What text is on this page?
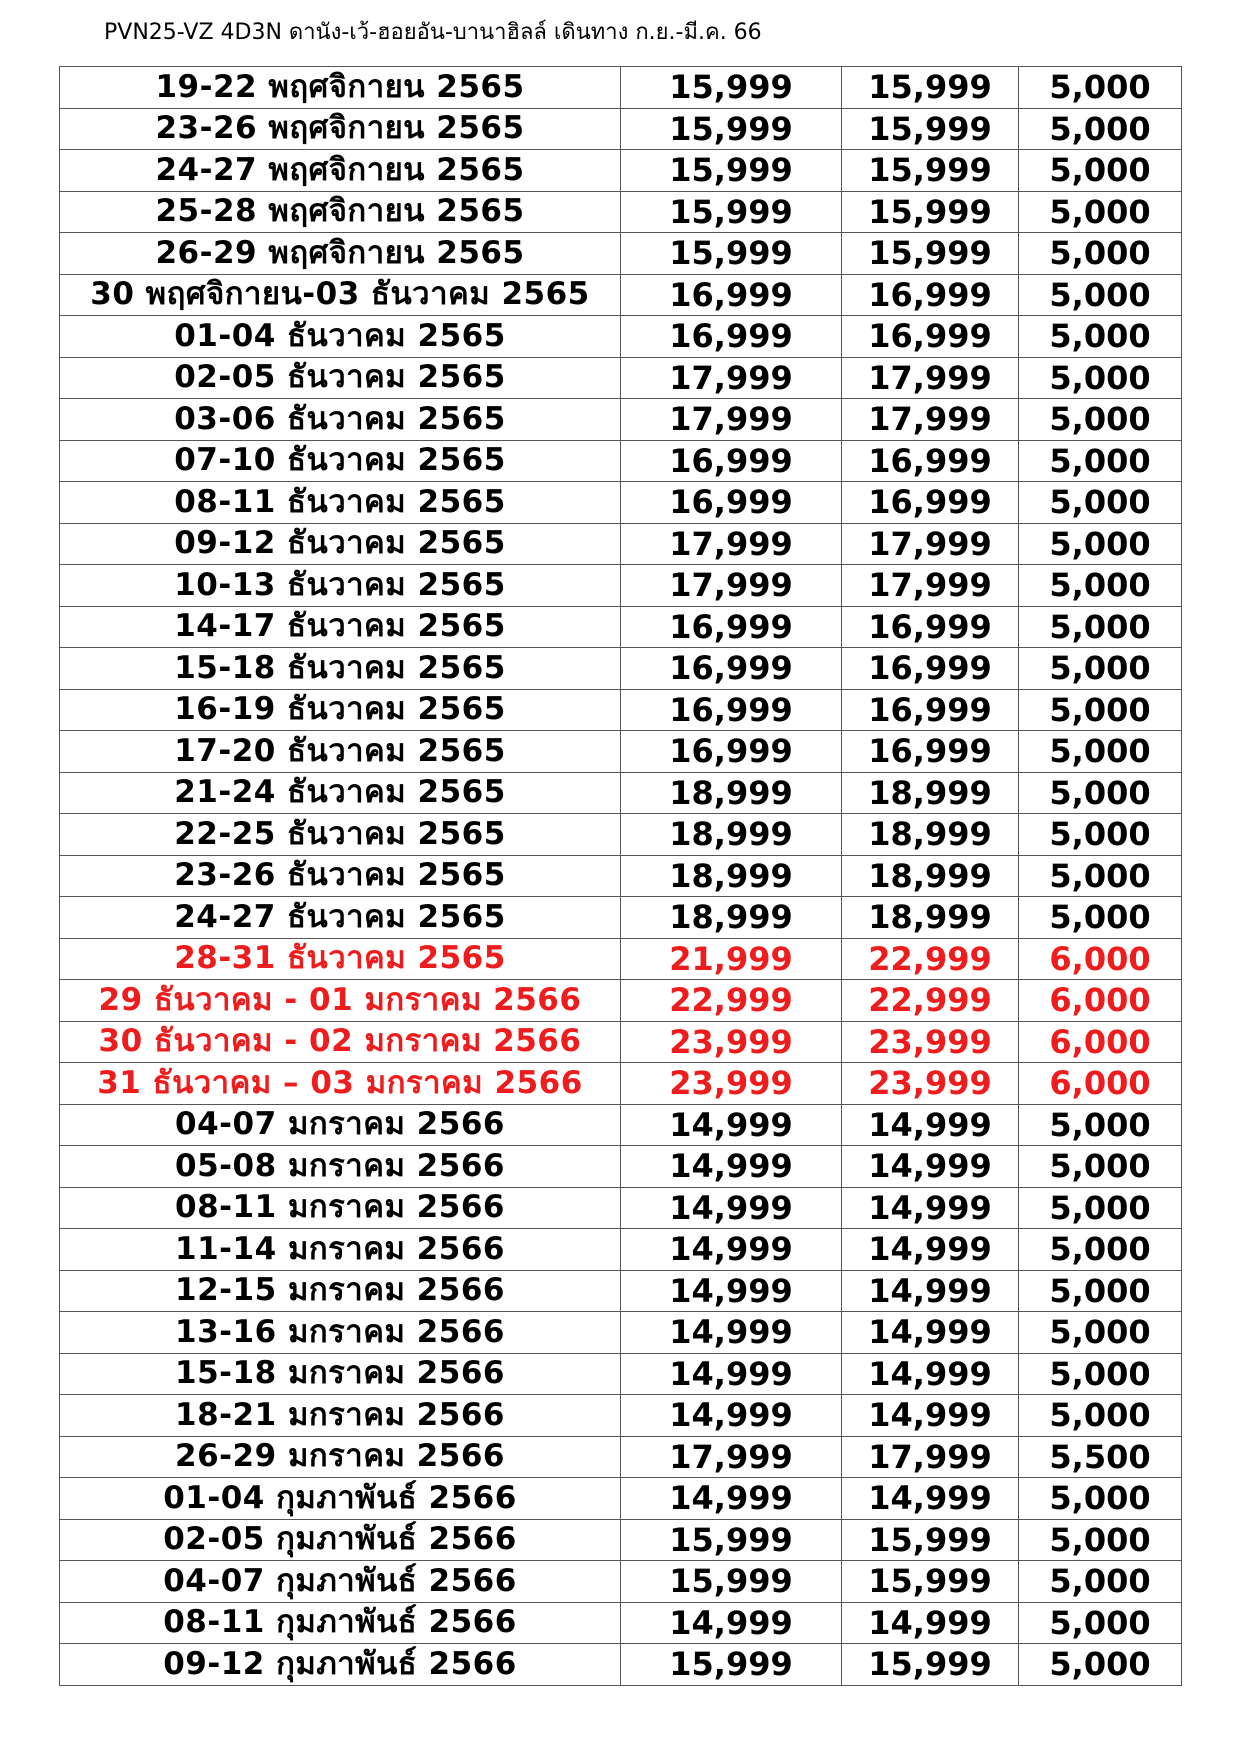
PVN25-VZ 4D3N ดานัง-เว้-ฮอยอัน-บานาฮิลล์ เดินทาง ก.ย.-มี.ค. 66
19-22 พฤศจิกายน 2565	15,999	15,999	5,000
23-26 พฤศจิกายน 2565	15,999	15,999	5,000
24-27 พฤศจิกายน 2565	15,999	15,999	5,000
25-28 พฤศจิกายน 2565	15,999	15,999	5,000
26-29 พฤศจิกายน 2565	15,999	15,999	5,000
30 พฤศจิกายน-03 ธันวาคม 2565	16,999	16,999	5,000
01-04 ธันวาคม 2565	16,999	16,999	5,000
02-05 ธันวาคม 2565	17,999	17,999	5,000
03-06 ธันวาคม 2565	17,999	17,999	5,000
07-10 ธันวาคม 2565	16,999	16,999	5,000
08-11 ธันวาคม 2565	16,999	16,999	5,000
09-12 ธันวาคม 2565	17,999	17,999	5,000
10-13 ธันวาคม 2565	17,999	17,999	5,000
14-17 ธันวาคม 2565	16,999	16,999	5,000
15-18 ธันวาคม 2565	16,999	16,999	5,000
16-19 ธันวาคม 2565	16,999	16,999	5,000
17-20 ธันวาคม 2565	16,999	16,999	5,000
21-24 ธันวาคม 2565	18,999	18,999	5,000
22-25 ธันวาคม 2565	18,999	18,999	5,000
23-26 ธันวาคม 2565	18,999	18,999	5,000
24-27 ธันวาคม 2565	18,999	18,999	5,000
28-31 ธันวาคม 2565	21,999	22,999	6,000
29 ธันวาคม - 01 มกราคม 2566	22,999	22,999	6,000
30 ธันวาคม - 02 มกราคม 2566	23,999	23,999	6,000
31 ธันวาคม – 03 มกราคม 2566	23,999	23,999	6,000
04-07 มกราคม 2566	14,999	14,999	5,000
05-08 มกราคม 2566	14,999	14,999	5,000
08-11 มกราคม 2566	14,999	14,999	5,000
11-14 มกราคม 2566	14,999	14,999	5,000
12-15 มกราคม 2566	14,999	14,999	5,000
13-16 มกราคม 2566	14,999	14,999	5,000
15-18 มกราคม 2566	14,999	14,999	5,000
18-21 มกราคม 2566	14,999	14,999	5,000
26-29 มกราคม 2566	17,999	17,999	5,500
01-04 กุมภาพันธ์ 2566	14,999	14,999	5,000
02-05 กุมภาพันธ์ 2566	15,999	15,999	5,000
04-07 กุมภาพันธ์ 2566	15,999	15,999	5,000
08-11 กุมภาพันธ์ 2566	14,999	14,999	5,000
09-12 กุมภาพันธ์ 2566	15,999	15,999	5,000
